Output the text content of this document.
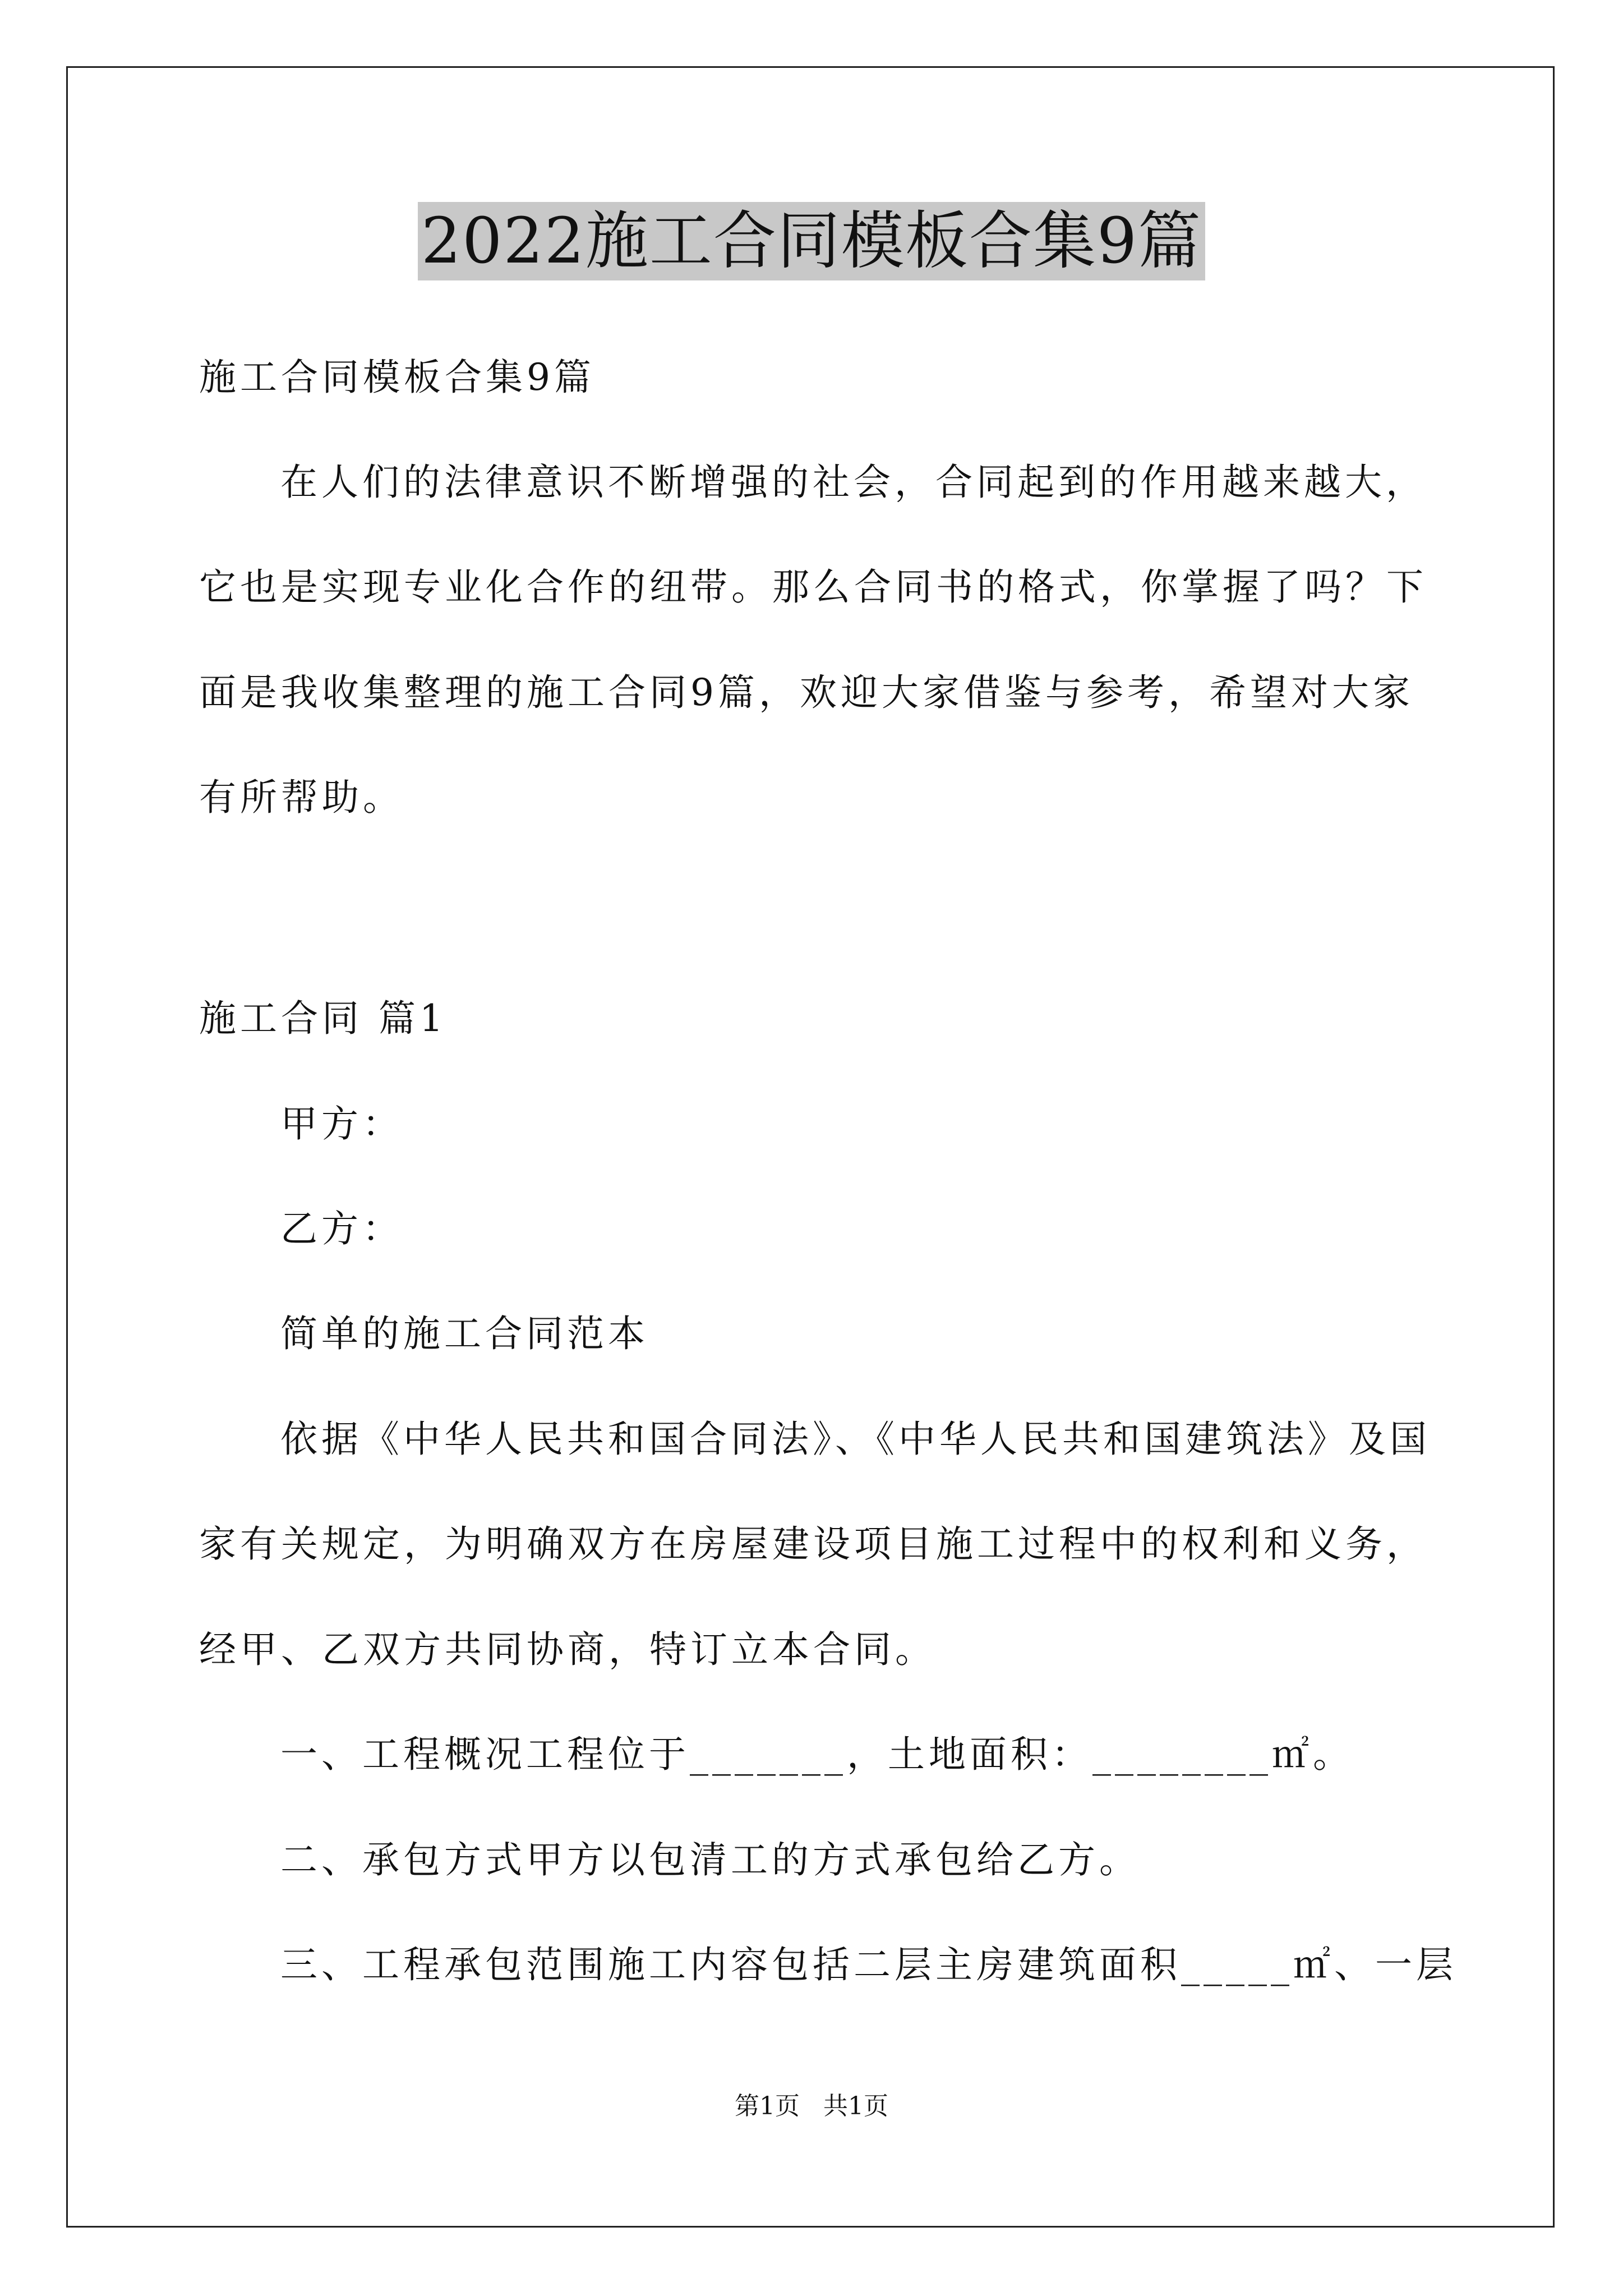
2022施工合同模板合集9篇
施工合同模板合集9篇
在人们的法律意识不断增强的社会，合同起到的作用越来越大，
它也是实现专业化合作的纽带。那么合同书的格式，你掌握了吗？下
面是我收集整理的施工合同9篇，欢迎大家借鉴与参考，希望对大家
有所帮助。
施工合同 篇1
甲方：
乙方：
简单的施工合同范本
依据《中华人民共和国合同法》、《中华人民共和国建筑法》及国
家有关规定，为明确双方在房屋建设项目施工过程中的权利和义务，
经甲、乙双方共同协商，特订立本合同。
一、工程概况工程位于_______，土地面积：________㎡。
二、承包方式甲方以包清工的方式承包给乙方。
三、工程承包范围施工内容包括二层主房建筑面积_____㎡、一层
第1页   共1页
